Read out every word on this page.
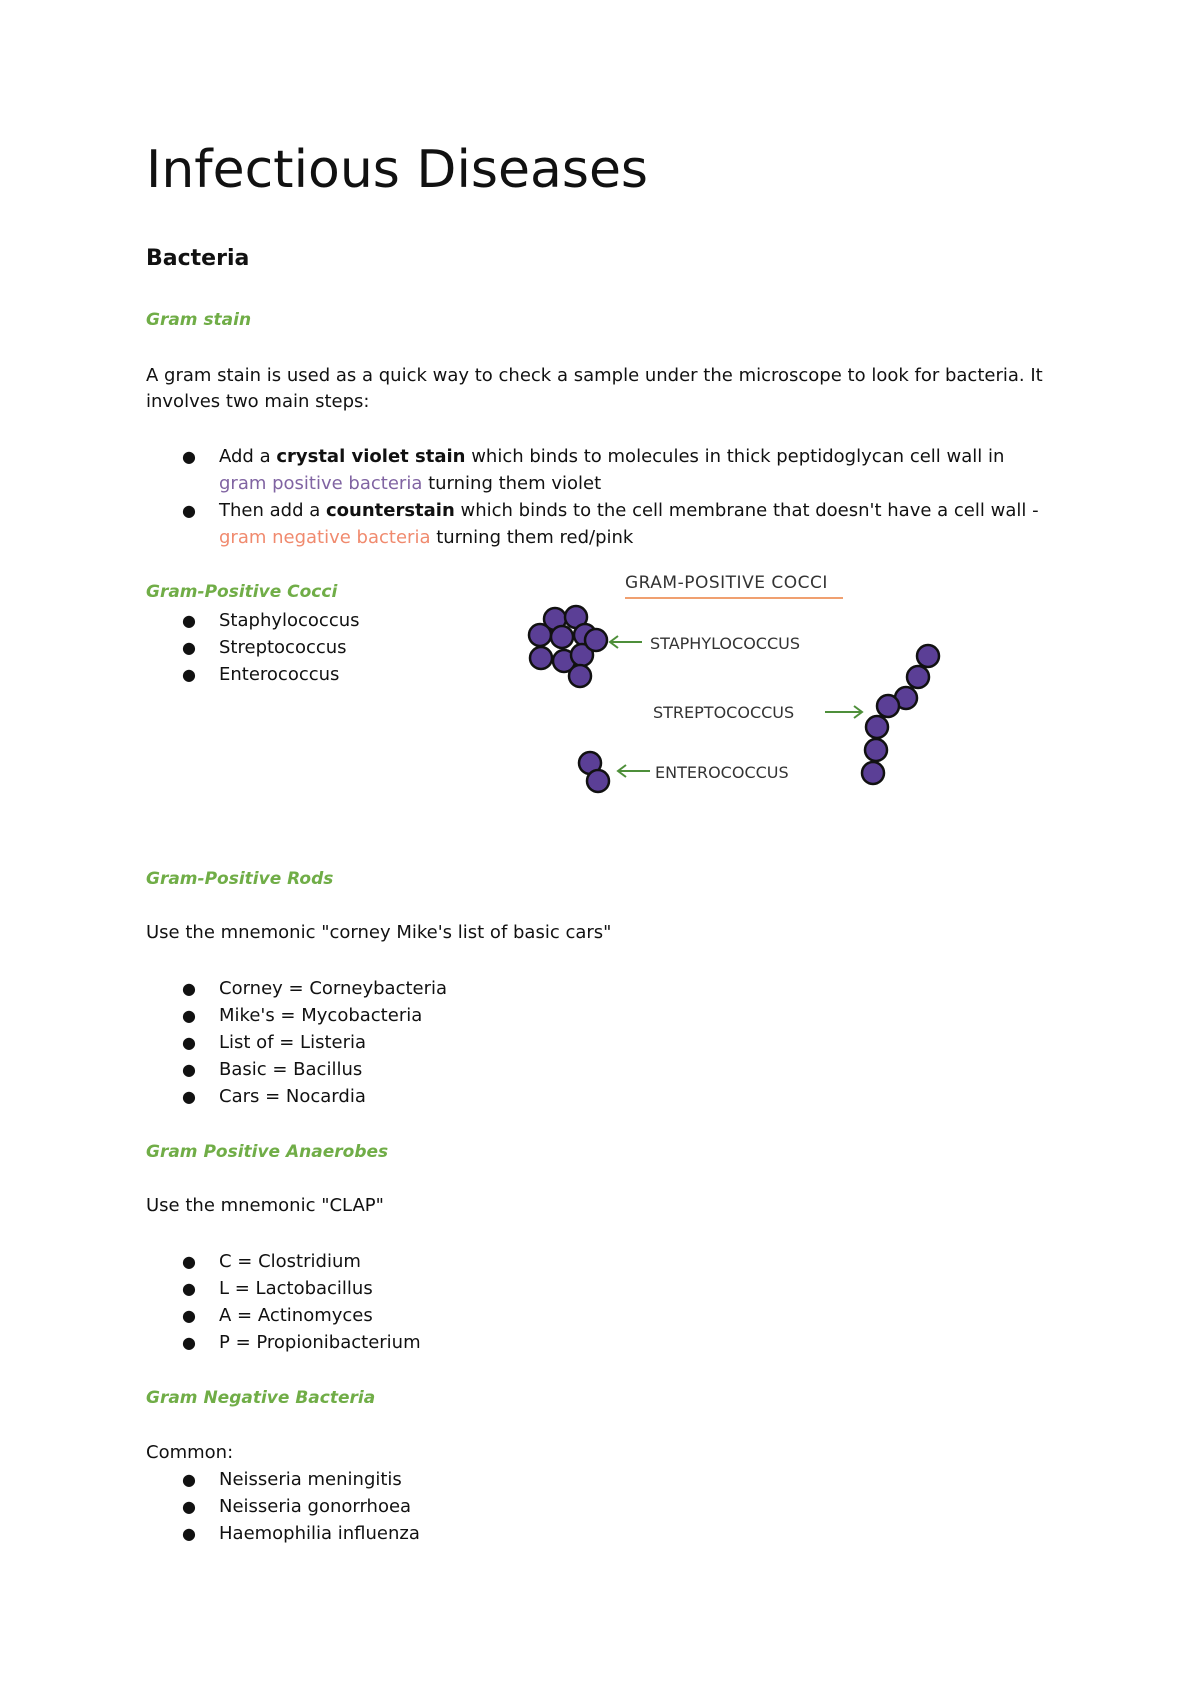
Infectious Diseases
Bacteria
Gram stain
A gram stain is used as a quick way to check a sample under the microscope to look for bacteria. It involves two main steps:
● Add a crystal violet stain which binds to molecules in thick peptidoglycan cell wall in gram positive bacteria turning them violet
● Then add a counterstain which binds to the cell membrane that doesn't have a cell wall - gram negative bacteria turning them red/pink
Gram-Positive Cocci
● Staphylococcus
● Streptococcus
● Enterococcus
GRAM-POSITIVE COCCI
STAPHYLOCOCCUS
STREPTOCOCCUS
ENTEROCOCCUS
Gram-Positive Rods
Use the mnemonic "corney Mike's list of basic cars"
● Corney = Corneybacteria
● Mike's = Mycobacteria
● List of = Listeria
● Basic = Bacillus
● Cars = Nocardia
Gram Positive Anaerobes
Use the mnemonic "CLAP"
● C = Clostridium
● L = Lactobacillus
● A = Actinomyces
● P = Propionibacterium
Gram Negative Bacteria
Common:
● Neisseria meningitis
● Neisseria gonorrhoea
● Haemophilia influenza
